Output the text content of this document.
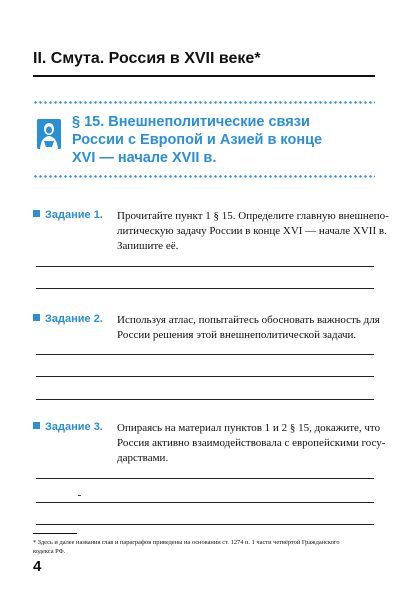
II. Смута. Россия в XVII веке*
§ 15. Внешнеполитические связи
России с Европой и Азией в конце
XVI — начале XVII в.
Задание 1. Прочитайте пункт 1 § 15. Определите главную внешнепо-
литическую задачу России в конце XVI — начале XVII в.
Запишите её.
Задание 2. Используя атлас, попытайтесь обосновать важность для
России решения этой внешнеполитической задачи.
Задание 3. Опираясь на материал пунктов 1 и 2 § 15, докажите, что
Россия активно взаимодействовала с европейскими госу-
дарствами.
* Здесь и далее названия глав и параграфов приведены на основании ст. 1274 п. 1 части четвёртой Гражданского
кодекса РФ.
4
